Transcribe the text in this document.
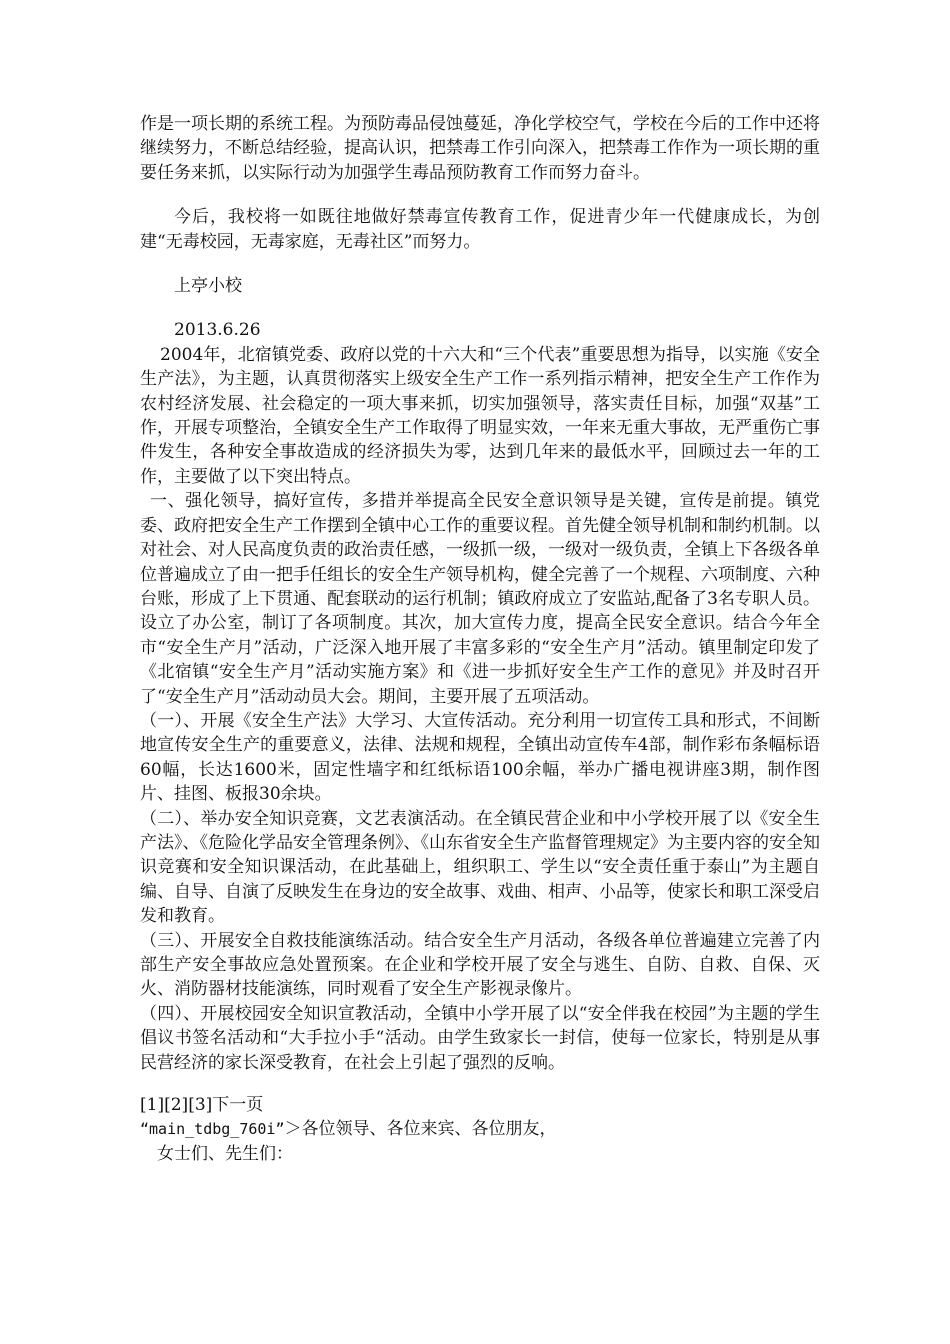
作是一项长期的系统工程。为预防毒品侵蚀蔓延，净化学校空气，学校在今后的工作中还将继续努力，不断总结经验，提高认识，把禁毒工作引向深入，把禁毒工作作为一项长期的重要任务来抓，以实际行动为加强学生毒品预防教育工作而努力奋斗。

今后，我校将一如既往地做好禁毒宣传教育工作，促进青少年一代健康成长，为创建“无毒校园，无毒家庭，无毒社区”而努力。

上亭小校

2013.6.26

2004年，北宿镇党委、政府以党的十六大和“三个代表”重要思想为指导，以实施《安全生产法》，为主题，认真贯彻落实上级安全生产工作一系列指示精神，把安全生产工作作为农村经济发展、社会稳定的一项大事来抓，切实加强领导，落实责任目标，加强“双基”工作，开展专项整治，全镇安全生产工作取得了明显实效，一年来无重大事故，无严重伤亡事件发生，各种安全事故造成的经济损失为零，达到几年来的最低水平，回顾过去一年的工作，主要做了以下突出特点。

一、强化领导，搞好宣传，多措并举提高全民安全意识领导是关键，宣传是前提。镇党委、政府把安全生产工作摆到全镇中心工作的重要议程。首先健全领导机制和制约机制。以对社会、对人民高度负责的政治责任感，一级抓一级，一级对一级负责，全镇上下各级各单位普遍成立了由一把手任组长的安全生产领导机构，健全完善了一个规程、六项制度、六种台账，形成了上下贯通、配套联动的运行机制；镇政府成立了安监站,配备了3名专职人员。设立了办公室，制订了各项制度。其次，加大宣传力度，提高全民安全意识。结合今年全市“安全生产月”活动，广泛深入地开展了丰富多彩的“安全生产月”活动。镇里制定印发了《北宿镇“安全生产月”活动实施方案》和《进一步抓好安全生产工作的意见》并及时召开了“安全生产月”活动动员大会。期间，主要开展了五项活动。

（一）、开展《安全生产法》大学习、大宣传活动。充分利用一切宣传工具和形式，不间断地宣传安全生产的重要意义，法律、法规和规程，全镇出动宣传车4部，制作彩布条幅标语60幅，长达1600米，固定性墙字和红纸标语100余幅，举办广播电视讲座3期，制作图片、挂图、板报30余块。

（二）、举办安全知识竞赛，文艺表演活动。在全镇民营企业和中小学校开展了以《安全生产法》、《危险化学品安全管理条例》、《山东省安全生产监督管理规定》为主要内容的安全知识竞赛和安全知识课活动，在此基础上，组织职工、学生以“安全责任重于泰山”为主题自编、自导、自演了反映发生在身边的安全故事、戏曲、相声、小品等，使家长和职工深受启发和教育。

（三）、开展安全自救技能演练活动。结合安全生产月活动，各级各单位普遍建立完善了内部生产安全事故应急处置预案。在企业和学校开展了安全与逃生、自防、自救、自保、灭火、消防器材技能演练，同时观看了安全生产影视录像片。

（四）、开展校园安全知识宣教活动，全镇中小学开展了以“安全伴我在校园”为主题的学生倡议书签名活动和“大手拉小手“活动。由学生致家长一封信，使每一位家长，特别是从事民营经济的家长深受教育，在社会上引起了强烈的反响。

[1][2][3]下一页

“main_tdbg_760i”＞各位领导、各位来宾、各位朋友，

女士们、先生们：
